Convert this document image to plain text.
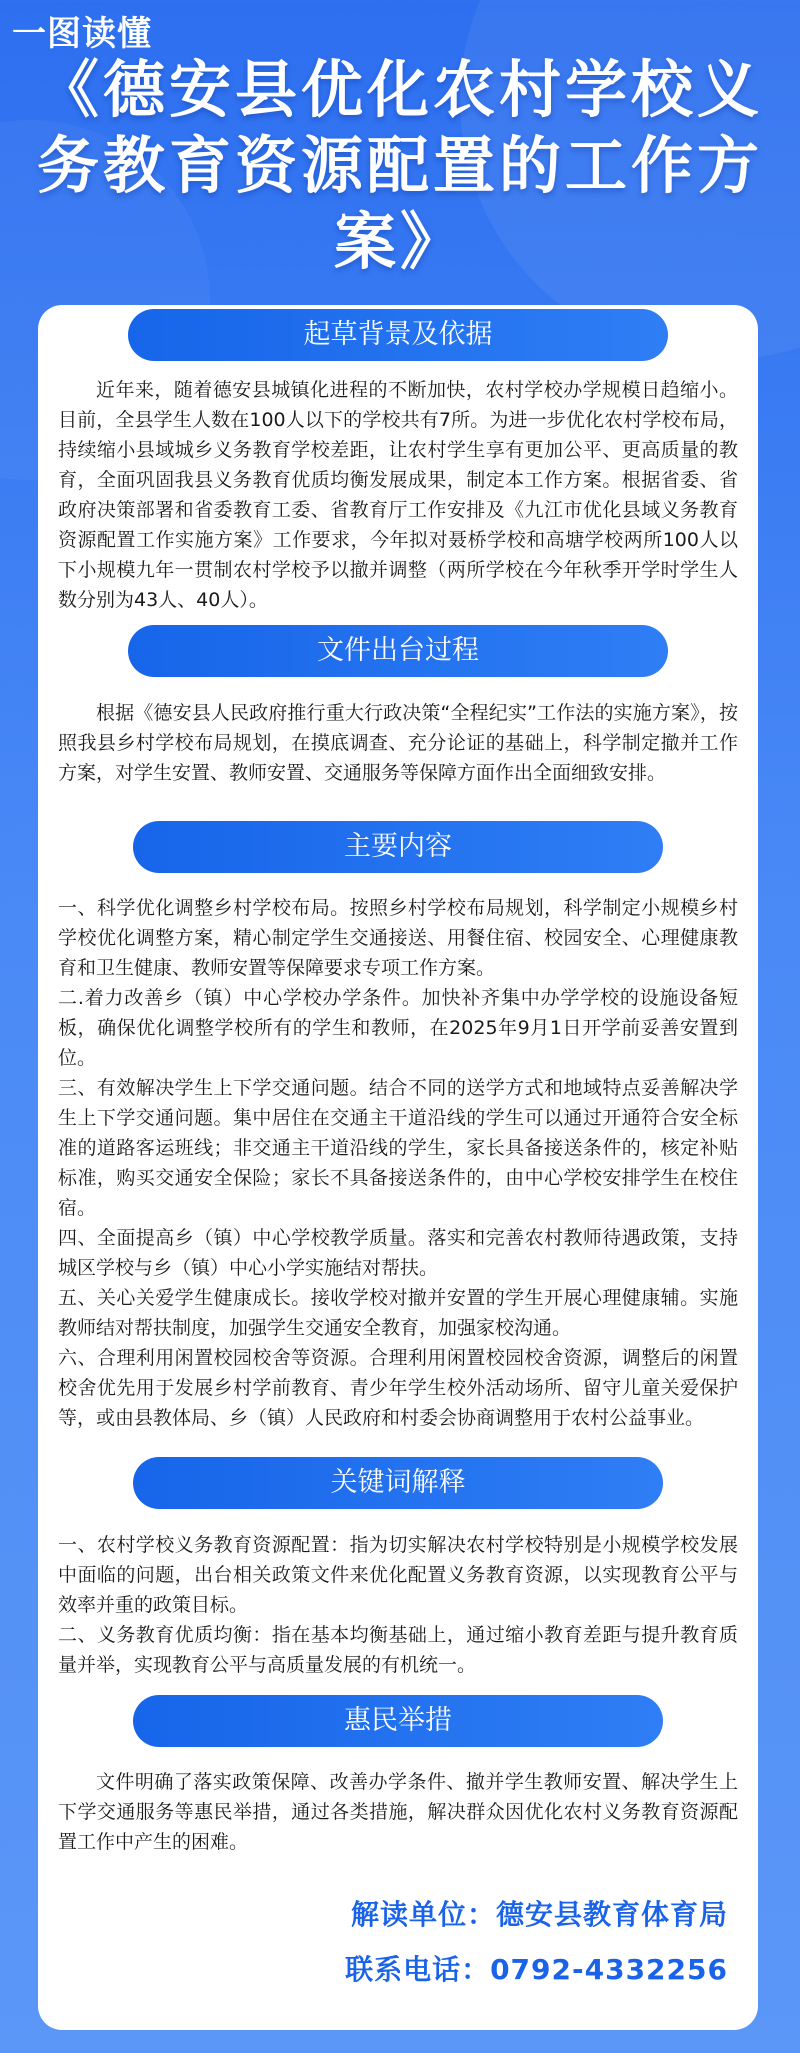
一图读懂
《德安县优化农村学校义务教育资源配置的工作方案》
起草背景及依据

近年来，随着德安县城镇化进程的不断加快，农村学校办学规模日趋缩小。目前，全县学生人数在100人以下的学校共有7所。为进一步优化农村学校布局，持续缩小县域城乡义务教育学校差距，让农村学生享有更加公平、更高质量的教育，全面巩固我县义务教育优质均衡发展成果，制定本工作方案。根据省委、省政府决策部署和省委教育工委、省教育厅工作安排及《九江市优化县域义务教育资源配置工作实施方案》工作要求，今年拟对聂桥学校和高塘学校两所100人以下小规模九年一贯制农村学校予以撤并调整（两所学校在今年秋季开学时学生人数分别为43人、40人）。

文件出台过程

根据《德安县人民政府推行重大行政决策“全程纪实”工作法的实施方案》，按照我县乡村学校布局规划，在摸底调查、充分论证的基础上，科学制定撤并工作方案，对学生安置、教师安置、交通服务等保障方面作出全面细致安排。

主要内容
一、科学优化调整乡村学校布局。按照乡村学校布局规划，科学制定小规模乡村学校优化调整方案，精心制定学生交通接送、用餐住宿、校园安全、心理健康教育和卫生健康、教师安置等保障要求专项工作方案。
二.着力改善乡（镇）中心学校办学条件。加快补齐集中办学学校的设施设备短板，确保优化调整学校所有的学生和教师，在2025年9月1日开学前妥善安置到位。
三、有效解决学生上下学交通问题。结合不同的送学方式和地域特点妥善解决学生上下学交通问题。集中居住在交通主干道沿线的学生可以通过开通符合安全标准的道路客运班线；非交通主干道沿线的学生，家长具备接送条件的，核定补贴标准，购买交通安全保险；家长不具备接送条件的，由中心学校安排学生在校住宿。
四、全面提高乡（镇）中心学校教学质量。落实和完善农村教师待遇政策，支持城区学校与乡（镇）中心小学实施结对帮扶。
五、关心关爱学生健康成长。接收学校对撤并安置的学生开展心理健康辅。实施教师结对帮扶制度，加强学生交通安全教育，加强家校沟通。
六、合理利用闲置校园校舍等资源。合理利用闲置校园校舍资源，调整后的闲置校舍优先用于发展乡村学前教育、青少年学生校外活动场所、留守儿童关爱保护等，或由县教体局、乡（镇）人民政府和村委会协商调整用于农村公益事业。
关键词解释
一、农村学校义务教育资源配置：指为切实解决农村学校特别是小规模学校发展中面临的问题，出台相关政策文件来优化配置义务教育资源，以实现教育公平与效率并重的政策目标。
二、义务教育优质均衡：指在基本均衡基础上，通过缩小教育差距与提升教育质量并举，实现教育公平与高质量发展的有机统一。
惠民举措

文件明确了落实政策保障、改善办学条件、撤并学生教师安置、解决学生上下学交通服务等惠民举措，通过各类措施，解决群众因优化农村义务教育资源配置工作中产生的困难。

解读单位：德安县教育体育局
联系电话：0792-4332256
